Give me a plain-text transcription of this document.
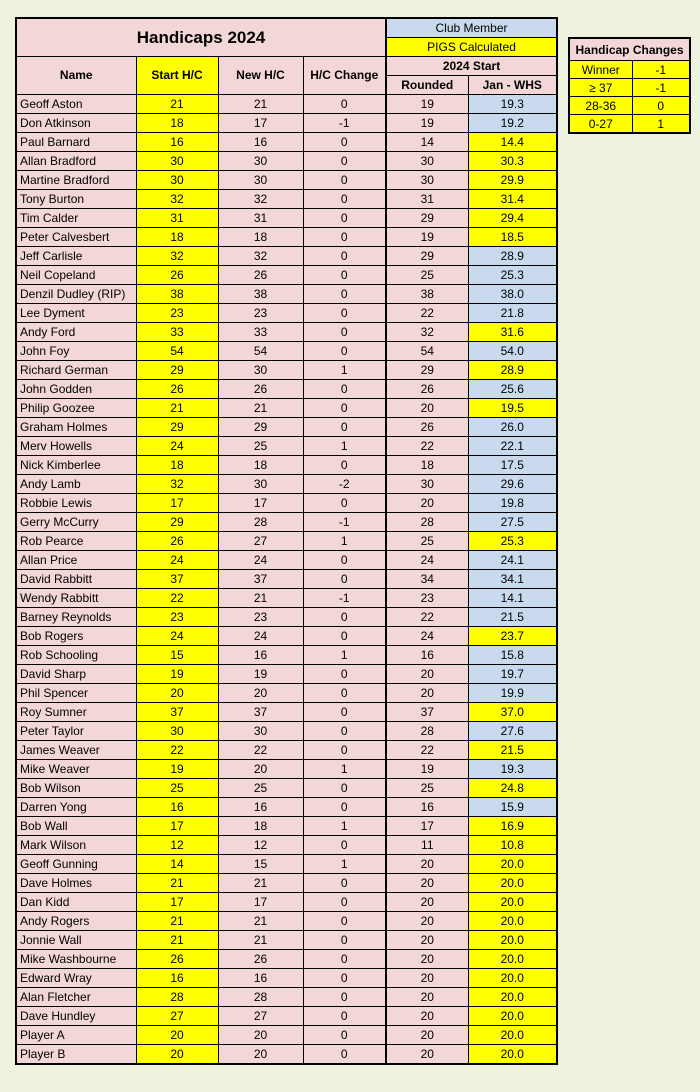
Handicaps 2024				Club Member	
				PIGS Calculated	
Name	Start H/C	New H/C	H/C Change	2024 Start	
				Rounded	Jan - WHS
Geoff Aston	21	21	0	19	19.3
Don Atkinson	18	17	-1	19	19.2
Paul Barnard	16	16	0	14	14.4
Allan Bradford	30	30	0	30	30.3
Martine Bradford	30	30	0	30	29.9
Tony Burton	32	32	0	31	31.4
Tim Calder	31	31	0	29	29.4
Peter Calvesbert	18	18	0	19	18.5
Jeff Carlisle	32	32	0	29	28.9
Neil Copeland	26	26	0	25	25.3
Denzil Dudley (RIP)	38	38	0	38	38.0
Lee Dyment	23	23	0	22	21.8
Andy Ford	33	33	0	32	31.6
John Foy	54	54	0	54	54.0
Richard German	29	30	1	29	28.9
John Godden	26	26	0	26	25.6
Philip Goozee	21	21	0	20	19.5
Graham Holmes	29	29	0	26	26.0
Merv Howells	24	25	1	22	22.1
Nick Kimberlee	18	18	0	18	17.5
Andy Lamb	32	30	-2	30	29.6
Robbie Lewis	17	17	0	20	19.8
Gerry McCurry	29	28	-1	28	27.5
Rob Pearce	26	27	1	25	25.3
Allan Price	24	24	0	24	24.1
David Rabbitt	37	37	0	34	34.1
Wendy Rabbitt	22	21	-1	23	14.1
Barney Reynolds	23	23	0	22	21.5
Bob Rogers	24	24	0	24	23.7
Rob Schooling	15	16	1	16	15.8
David Sharp	19	19	0	20	19.7
Phil Spencer	20	20	0	20	19.9
Roy Sumner	37	37	0	37	37.0
Peter Taylor	30	30	0	28	27.6
James Weaver	22	22	0	22	21.5
Mike Weaver	19	20	1	19	19.3
Bob Wilson	25	25	0	25	24.8
Darren Yong	16	16	0	16	15.9
Bob Wall	17	18	1	17	16.9
Mark Wilson	12	12	0	11	10.8
Geoff Gunning	14	15	1	20	20.0
Dave Holmes	21	21	0	20	20.0
Dan Kidd	17	17	0	20	20.0
Andy Rogers	21	21	0	20	20.0
Jonnie Wall	21	21	0	20	20.0
Mike Washbourne	26	26	0	20	20.0
Edward Wray	16	16	0	20	20.0
Alan Fletcher	28	28	0	20	20.0
Dave Hundley	27	27	0	20	20.0
Player A	20	20	0	20	20.0
Player B	20	20	0	20	20.0
Handicap Changes	
Winner	-1
≥ 37	-1
28-36	0
0-27	1
